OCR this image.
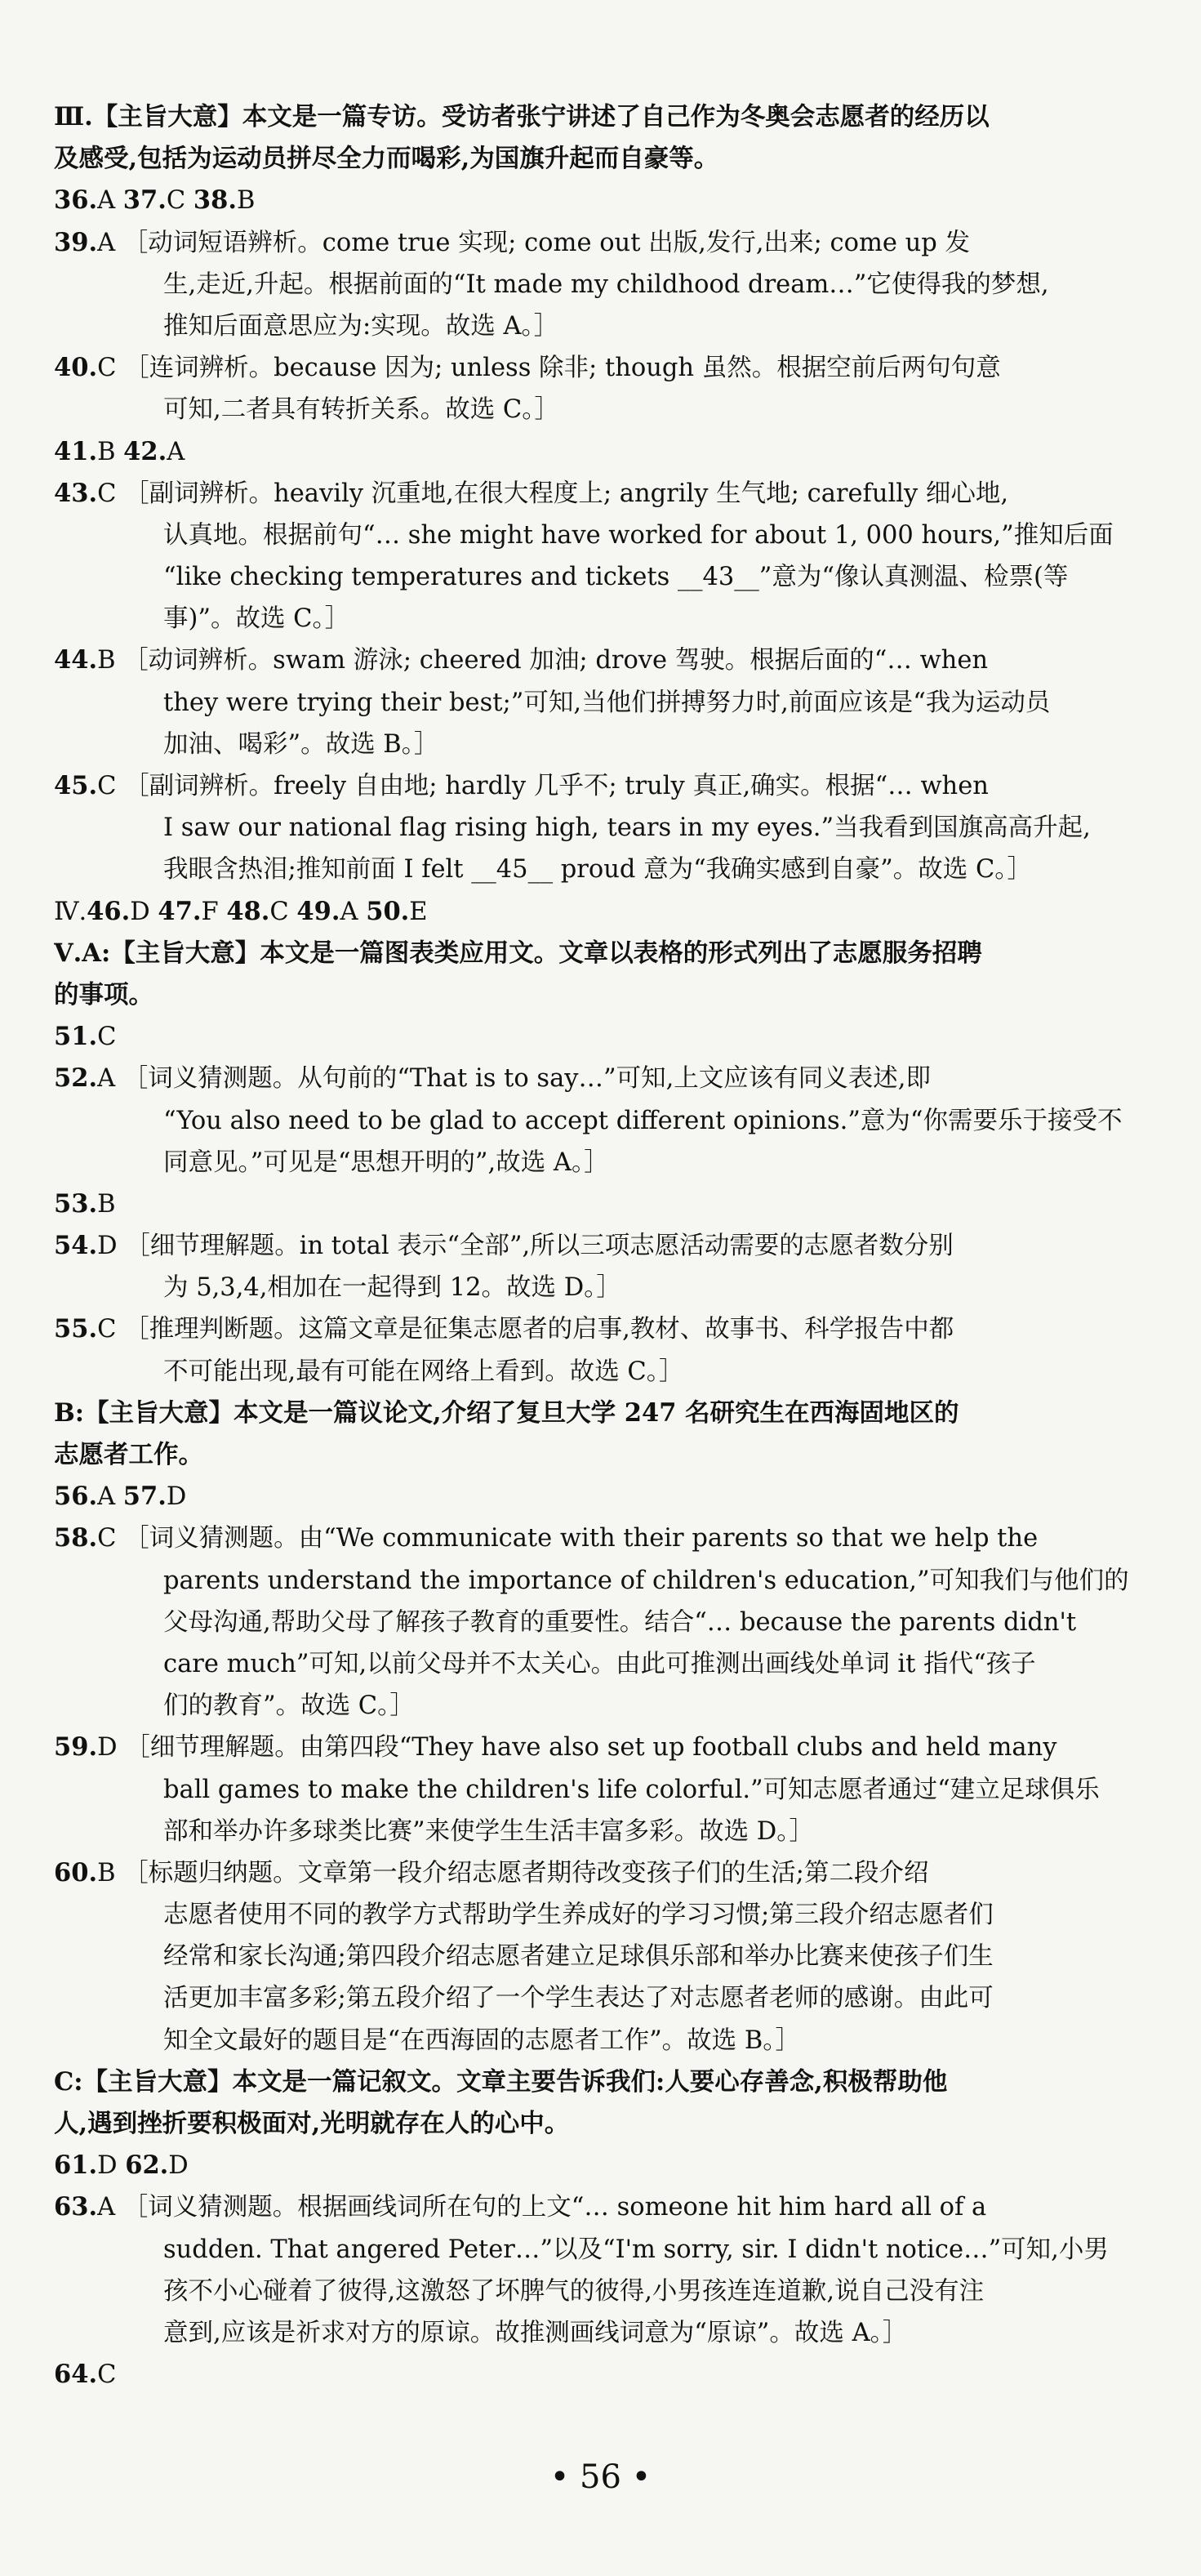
Ⅲ.【主旨大意】本文是一篇专访。受访者张宁讲述了自己作为冬奥会志愿者的经历以
及感受,包括为运动员拼尽全力而喝彩,为国旗升起而自豪等。
36.A 37.C 38.B
39.A ［动词短语辨析。come true 实现; come out 出版,发行,出来; come up 发
生,走近,升起。根据前面的“It made my childhood dream…”它使得我的梦想,
推知后面意思应为:实现。故选 A。］
40.C ［连词辨析。because 因为; unless 除非; though 虽然。根据空前后两句句意
可知,二者具有转折关系。故选 C。］
41.B 42.A
43.C ［副词辨析。heavily 沉重地,在很大程度上; angrily 生气地; carefully 细心地,
认真地。根据前句“… she might have worked for about 1, 000 hours,”推知后面
“like checking temperatures and tickets __43__”意为“像认真测温、检票(等
事)”。故选 C。］
44.B ［动词辨析。swam 游泳; cheered 加油; drove 驾驶。根据后面的“… when
they were trying their best;”可知,当他们拼搏努力时,前面应该是“我为运动员
加油、喝彩”。故选 B。］
45.C ［副词辨析。freely 自由地; hardly 几乎不; truly 真正,确实。根据“… when
I saw our national flag rising high, tears in my eyes.”当我看到国旗高高升起,
我眼含热泪;推知前面 I felt __45__ proud 意为“我确实感到自豪”。故选 C。］
Ⅳ.46.D 47.F 48.C 49.A 50.E
Ⅴ.A:【主旨大意】本文是一篇图表类应用文。文章以表格的形式列出了志愿服务招聘
的事项。
51.C
52.A ［词义猜测题。从句前的“That is to say…”可知,上文应该有同义表述,即
“You also need to be glad to accept different opinions.”意为“你需要乐于接受不
同意见。”可见是“思想开明的”,故选 A。］
53.B
54.D ［细节理解题。in total 表示“全部”,所以三项志愿活动需要的志愿者数分别
为 5,3,4,相加在一起得到 12。故选 D。］
55.C ［推理判断题。这篇文章是征集志愿者的启事,教材、故事书、科学报告中都
不可能出现,最有可能在网络上看到。故选 C。］
B:【主旨大意】本文是一篇议论文,介绍了复旦大学 247 名研究生在西海固地区的
志愿者工作。
56.A 57.D
58.C ［词义猜测题。由“We communicate with their parents so that we help the
parents understand the importance of children's education,”可知我们与他们的
父母沟通,帮助父母了解孩子教育的重要性。结合“… because the parents didn't
care much”可知,以前父母并不太关心。由此可推测出画线处单词 it 指代“孩子
们的教育”。故选 C。］
59.D ［细节理解题。由第四段“They have also set up football clubs and held many
ball games to make the children's life colorful.”可知志愿者通过“建立足球俱乐
部和举办许多球类比赛”来使学生生活丰富多彩。故选 D。］
60.B ［标题归纳题。文章第一段介绍志愿者期待改变孩子们的生活;第二段介绍
志愿者使用不同的教学方式帮助学生养成好的学习习惯;第三段介绍志愿者们
经常和家长沟通;第四段介绍志愿者建立足球俱乐部和举办比赛来使孩子们生
活更加丰富多彩;第五段介绍了一个学生表达了对志愿者老师的感谢。由此可
知全文最好的题目是“在西海固的志愿者工作”。故选 B。］
C:【主旨大意】本文是一篇记叙文。文章主要告诉我们:人要心存善念,积极帮助他
人,遇到挫折要积极面对,光明就存在人的心中。
61.D 62.D
63.A ［词义猜测题。根据画线词所在句的上文“… someone hit him hard all of a
sudden. That angered Peter…”以及“I'm sorry, sir. I didn't notice…”可知,小男
孩不小心碰着了彼得,这激怒了坏脾气的彼得,小男孩连连道歉,说自己没有注
意到,应该是祈求对方的原谅。故推测画线词意为“原谅”。故选 A。］
64.C
• 56 •
